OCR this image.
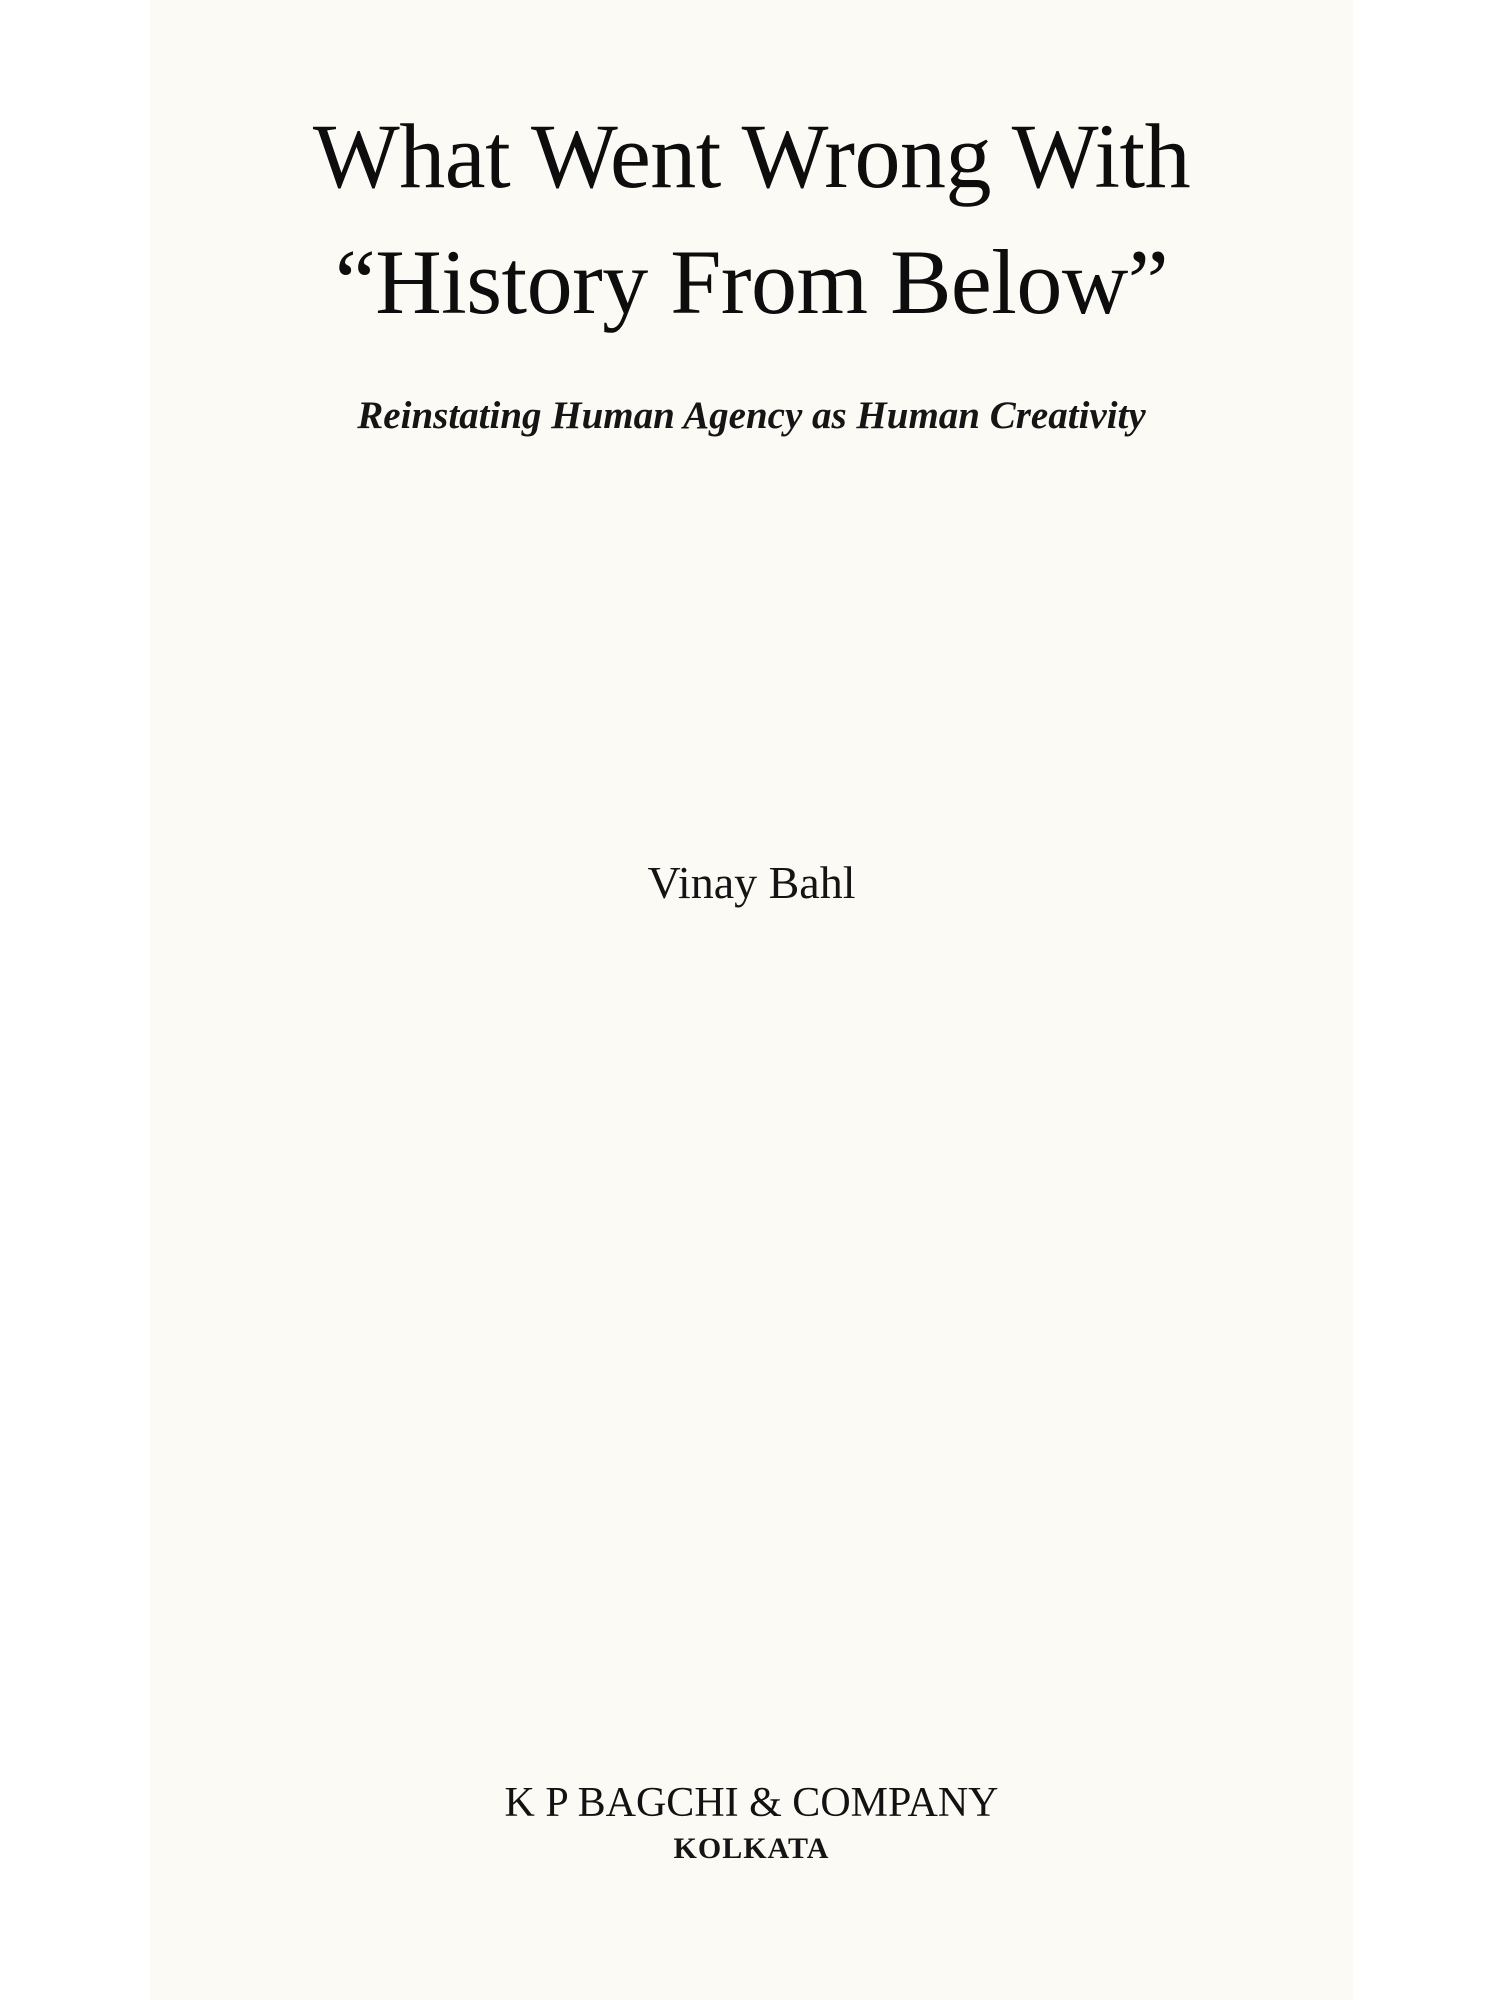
What Went Wrong With
“History From Below”
Reinstating Human Agency as Human Creativity
Vinay Bahl
K P BAGCHI & COMPANY
KOLKATA
